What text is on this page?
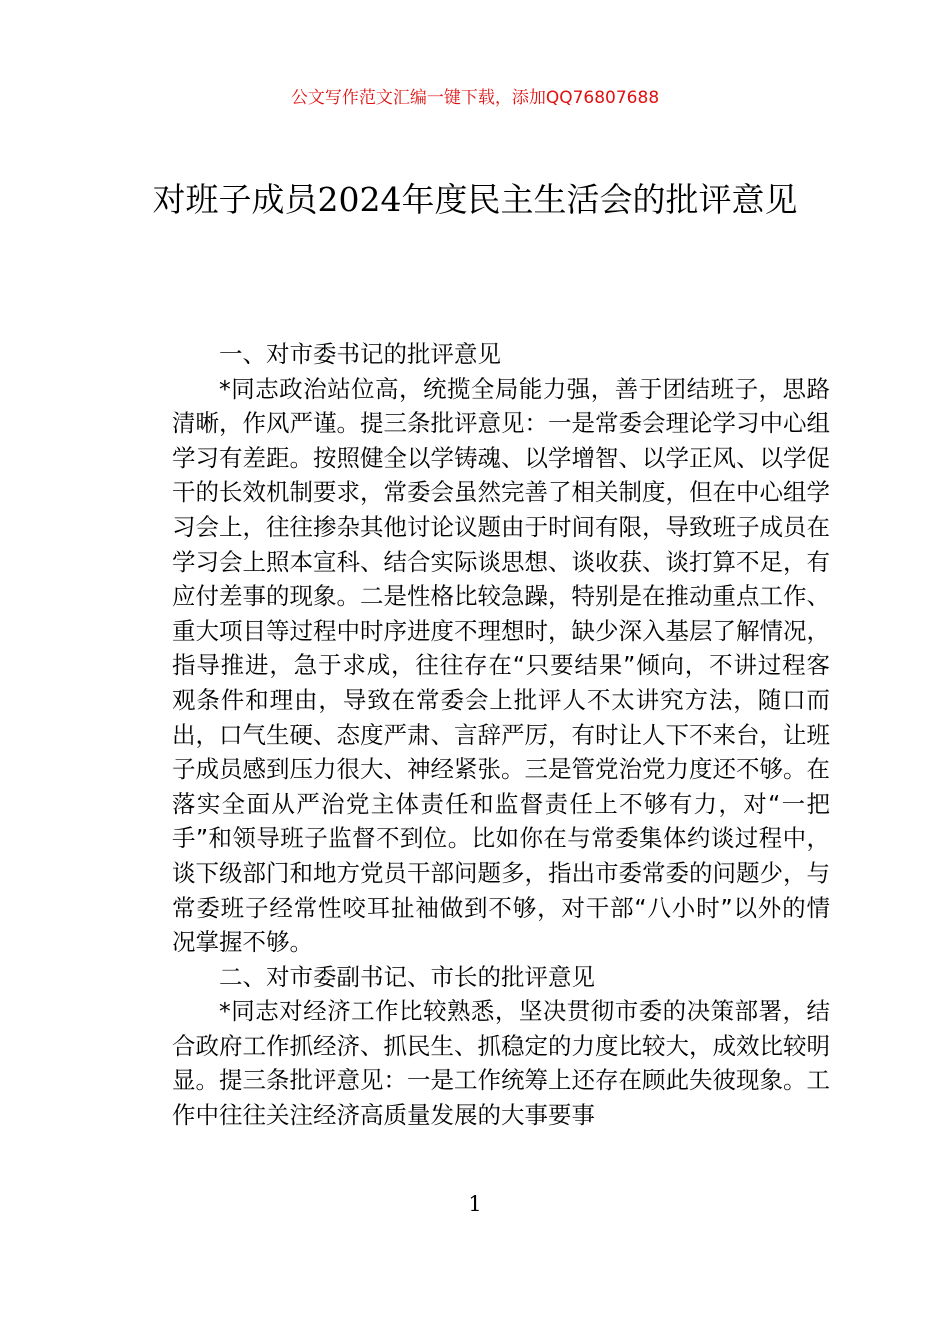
公文写作范文汇编一键下载，添加QQ76807688
对班子成员2024年度民主生活会的批评意见

一、对市委书记的批评意见

*同志政治站位高，统揽全局能力强，善于团结班子，思路清晰，作风严谨。提三条批评意见：一是常委会理论学习中心组学习有差距。按照健全以学铸魂、以学增智、以学正风、以学促干的长效机制要求，常委会虽然完善了相关制度，但在中心组学习会上，往往掺杂其他讨论议题由于时间有限，导致班子成员在学习会上照本宣科、结合实际谈思想、谈收获、谈打算不足，有应付差事的现象。二是性格比较急躁，特别是在推动重点工作、重大项目等过程中时序进度不理想时，缺少深入基层了解情况，指导推进，急于求成，往往存在“只要结果”倾向，不讲过程客观条件和理由，导致在常委会上批评人不太讲究方法，随口而出，口气生硬、态度严肃、言辞严厉，有时让人下不来台，让班子成员感到压力很大、神经紧张。三是管党治党力度还不够。在落实全面从严治党主体责任和监督责任上不够有力，对“一把手”和领导班子监督不到位。比如你在与常委集体约谈过程中，谈下级部门和地方党员干部问题多，指出市委常委的问题少，与常委班子经常性咬耳扯袖做到不够，对干部“八小时”以外的情况掌握不够。

二、对市委副书记、市长的批评意见

*同志对经济工作比较熟悉，坚决贯彻市委的决策部署，结合政府工作抓经济、抓民生、抓稳定的力度比较大，成效比较明显。提三条批评意见：一是工作统筹上还存在顾此失彼现象。工作中往往关注经济高质量发展的大事要事

1
